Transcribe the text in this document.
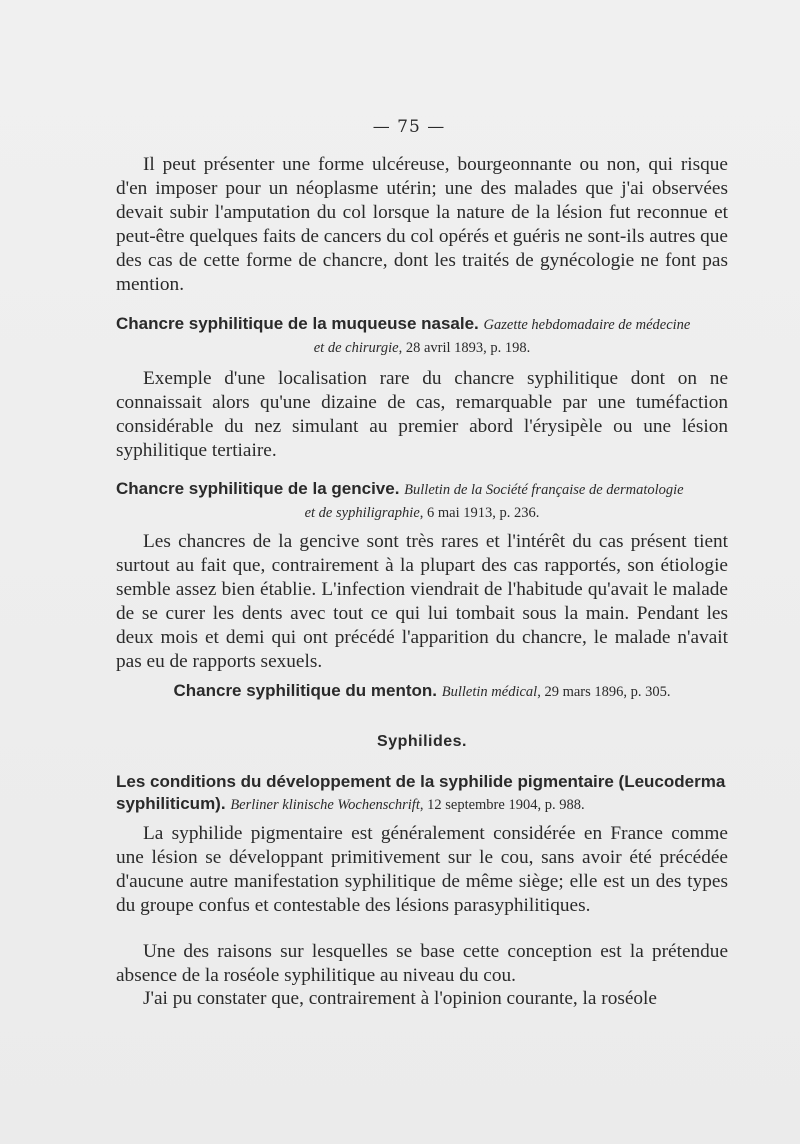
— 75 —

Il peut présenter une forme ulcéreuse, bourgeonnante ou non, qui risque d'en imposer pour un néoplasme utérin; une des malades que j'ai observées devait subir l'amputation du col lorsque la nature de la lésion fut reconnue et peut-être quelques faits de cancers du col opérés et guéris ne sont-ils autres que des cas de cette forme de chancre, dont les traités de gynécologie ne font pas mention.

Chancre syphilitique de la muqueuse nasale. Gazette hebdomadaire de médecine

et de chirurgie, 28 avril 1893, p. 198.

Exemple d'une localisation rare du chancre syphilitique dont on ne connaissait alors qu'une dizaine de cas, remarquable par une tuméfaction considérable du nez simulant au premier abord l'érysipèle ou une lésion syphilitique tertiaire.

Chancre syphilitique de la gencive. Bulletin de la Société française de dermatologie

et de syphiligraphie, 6 mai 1913, p. 236.

Les chancres de la gencive sont très rares et l'intérêt du cas présent tient surtout au fait que, contrairement à la plupart des cas rapportés, son étiologie semble assez bien établie. L'infection viendrait de l'habitude qu'avait le malade de se curer les dents avec tout ce qui lui tombait sous la main. Pendant les deux mois et demi qui ont précédé l'apparition du chancre, le malade n'avait pas eu de rapports sexuels.

Chancre syphilitique du menton. Bulletin médical, 29 mars 1896, p. 305.

Syphilides.

Les conditions du développement de la syphilide pigmentaire (Leucoderma syphiliticum). Berliner klinische Wochenschrift, 12 septembre 1904, p. 988.

La syphilide pigmentaire est généralement considérée en France comme une lésion se développant primitivement sur le cou, sans avoir été précédée d'aucune autre manifestation syphilitique de même siège; elle est un des types du groupe confus et contestable des lésions parasyphilitiques.

Une des raisons sur lesquelles se base cette conception est la prétendue absence de la roséole syphilitique au niveau du cou.

J'ai pu constater que, contrairement à l'opinion courante, la roséole
